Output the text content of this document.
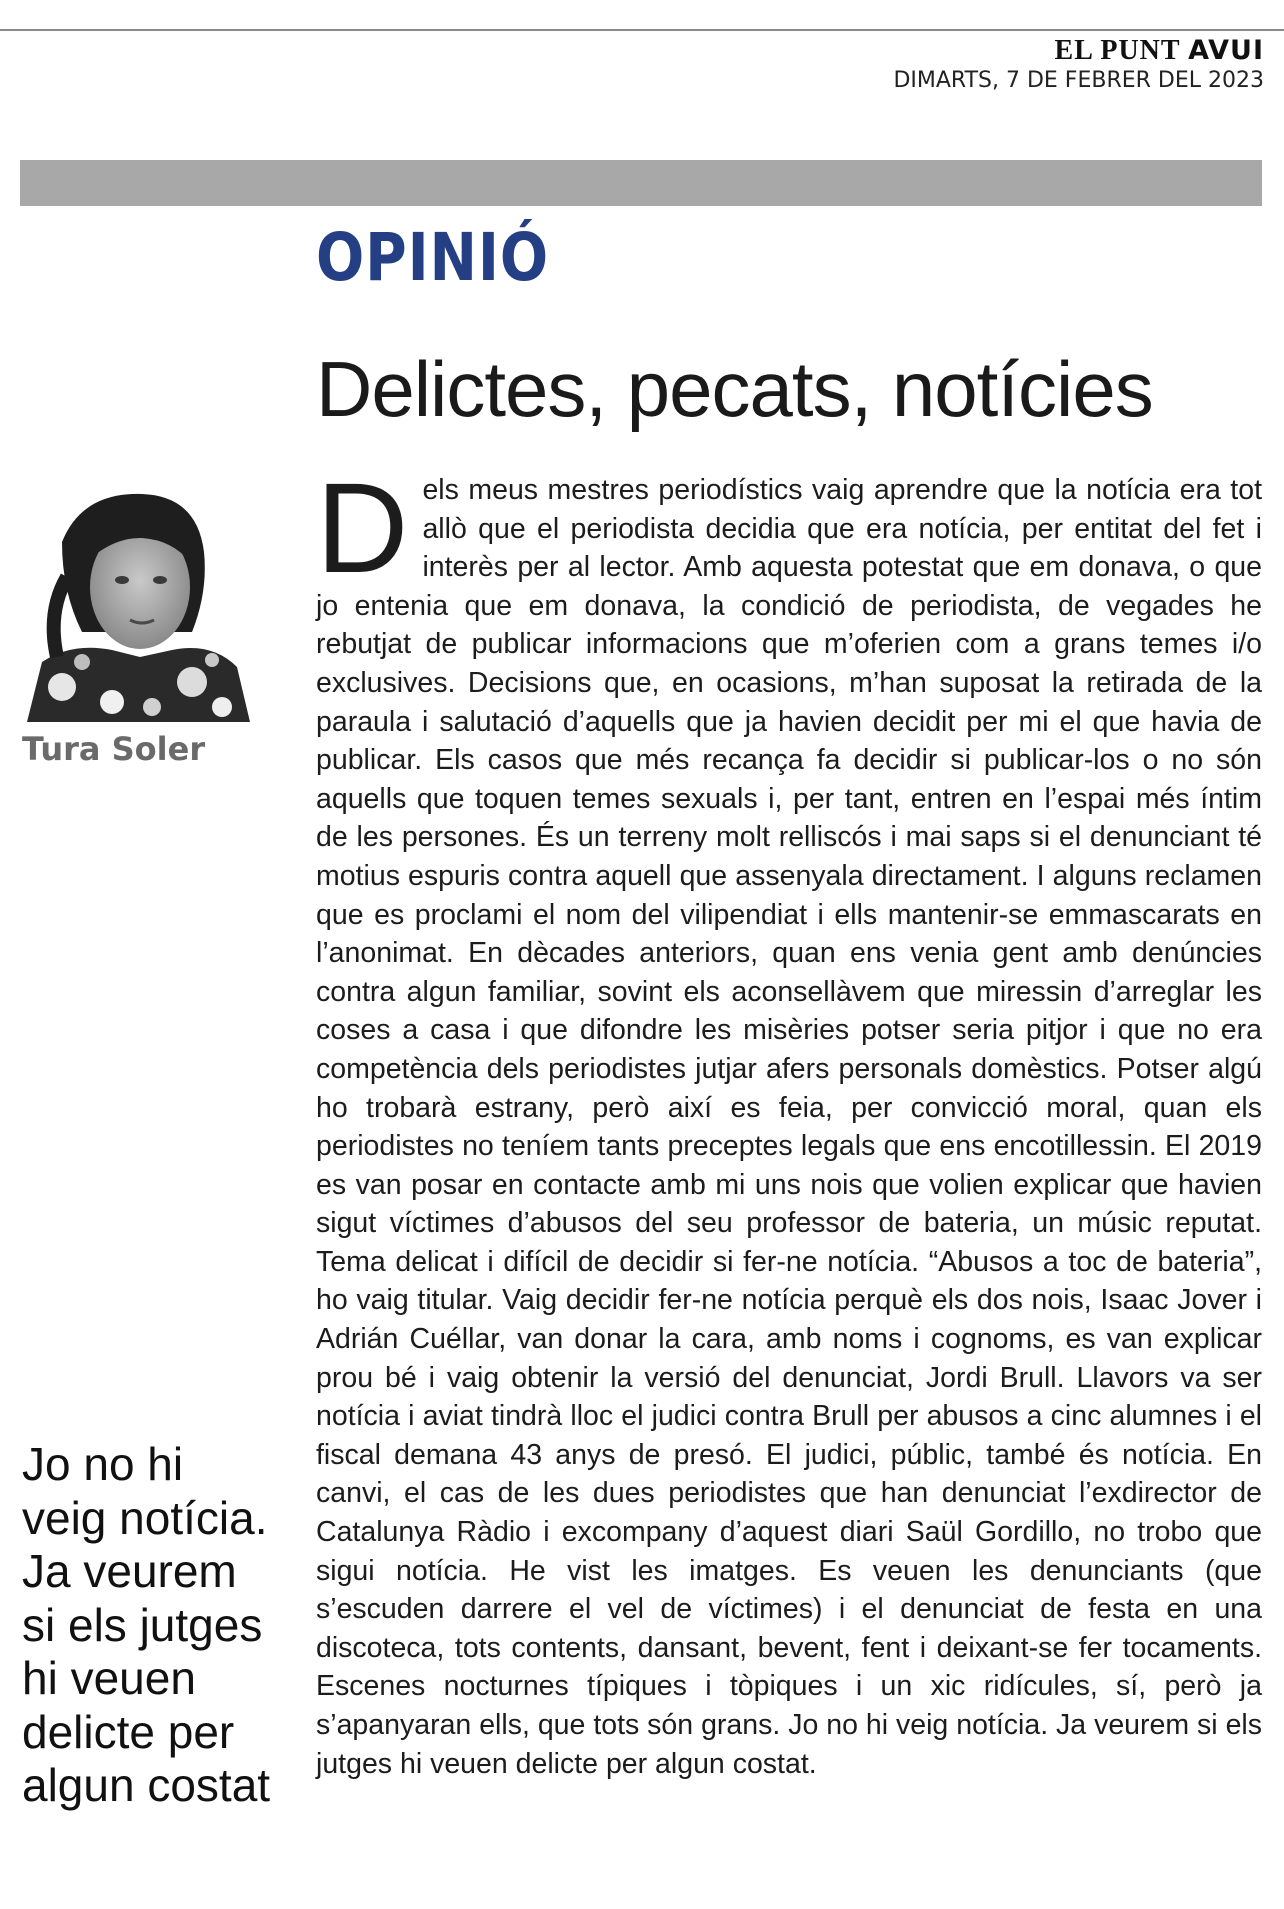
EL PUNT AVUI
DIMARTS, 7 DE FEBRER DEL 2023
OPINIÓ
Delictes, pecats, notícies
Tura Soler
Jo no hi veig notícia. Ja veurem si els jutges hi veuen delicte per algun costat

Dels meus mestres periodístics vaig aprendre que la notícia era tot allò que el periodista decidia que era notícia, per entitat del fet i interès per al lector. Amb aquesta potestat que em donava, o que jo entenia que em donava, la condició de periodista, de vegades he rebutjat de publicar informacions que m’oferien com a grans temes i/o exclusives. Decisions que, en ocasions, m’han suposat la retirada de la paraula i salutació d’aquells que ja havien decidit per mi el que havia de publicar. Els casos que més recança fa decidir si publicar-los o no són aquells que toquen temes sexuals i, per tant, entren en l’espai més íntim de les persones. És un terreny molt relliscós i mai saps si el denunciant té motius espuris contra aquell que assenyala directament. I alguns reclamen que es proclami el nom del vilipendiat i ells mantenir-se emmascarats en l’anonimat. En dècades anteriors, quan ens venia gent amb denúncies contra algun familiar, sovint els aconsellàvem que miressin d’arreglar les coses a casa i que difondre les misèries potser seria pitjor i que no era competència dels periodistes jutjar afers personals domèstics. Potser algú ho trobarà estrany, però així es feia, per convicció moral, quan els periodistes no teníem tants preceptes legals que ens encotillessin. El 2019 es van posar en contacte amb mi uns nois que volien explicar que havien sigut víctimes d’abusos del seu professor de bateria, un músic reputat. Tema delicat i difícil de decidir si fer-ne notícia. “Abusos a toc de bateria”, ho vaig titular. Vaig decidir fer-ne notícia perquè els dos nois, Isaac Jover i Adrián Cuéllar, van donar la cara, amb noms i cognoms, es van explicar prou bé i vaig obtenir la versió del denunciat, Jordi Brull. Llavors va ser notícia i aviat tindrà lloc el judici contra Brull per abusos a cinc alumnes i el fiscal demana 43 anys de presó. El judici, públic, també és notícia. En canvi, el cas de les dues periodistes que han denunciat l’exdirector de Catalunya Ràdio i excompany d’aquest diari Saül Gordillo, no trobo que sigui notícia. He vist les imatges. Es veuen les denunciants (que s’escuden darrere el vel de víctimes) i el denunciat de festa en una discoteca, tots contents, dansant, bevent, fent i deixant-se fer tocaments. Escenes nocturnes típiques i tòpiques i un xic ridícules, sí, però ja s’apanyaran ells, que tots són grans. Jo no hi veig notícia. Ja veurem si els jutges hi veuen delicte per algun costat.
